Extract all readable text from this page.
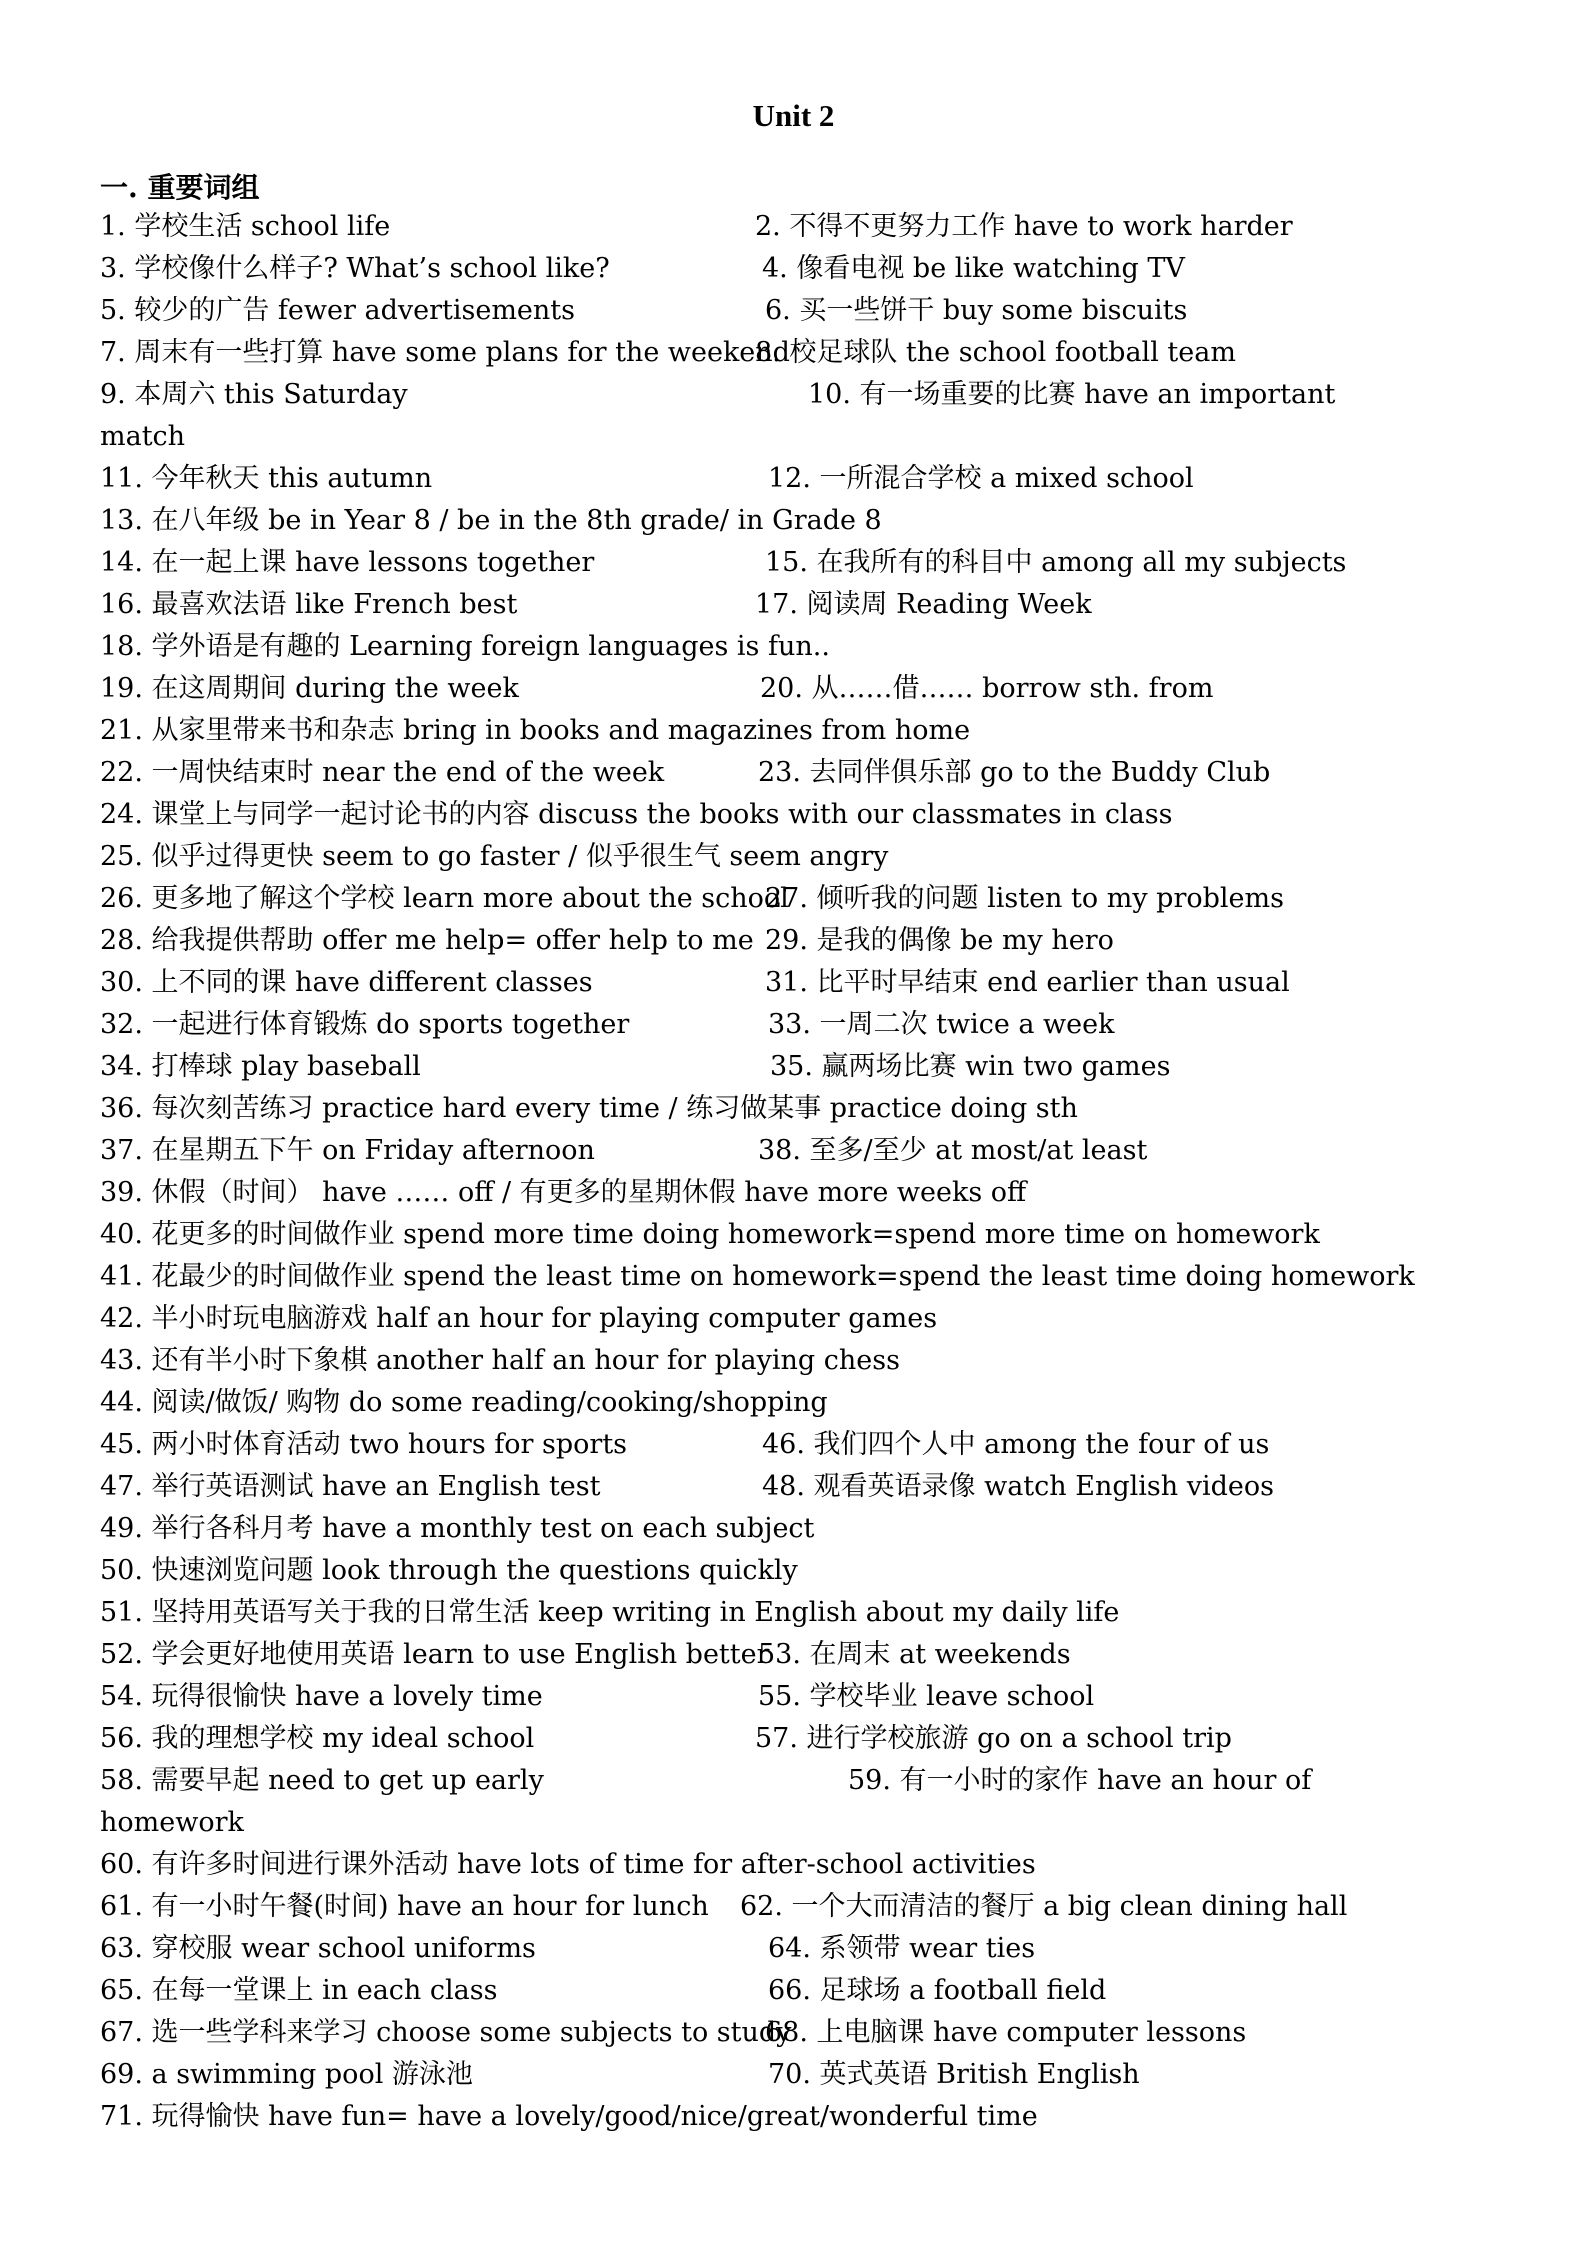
Unit 2
一. 重要词组
1. 学校生活 school life	2. 不得不更努力工作 have to work harder
3. 学校像什么样子? What’s school like?	4. 像看电视 be like watching TV
5. 较少的广告 fewer advertisements	6. 买一些饼干 buy some biscuits
7. 周末有一些打算 have some plans for the weekend
8. 校足球队 the school football team
9. 本周六 this Saturday	10. 有一场重要的比赛 have an important
match
11. 今年秋天 this autumn	12. 一所混合学校 a mixed school
13. 在八年级 be in Year 8 / be in the 8th grade/ in Grade 8
14. 在一起上课 have lessons together	15. 在我所有的科目中 among all my subjects
16. 最喜欢法语 like French best	17. 阅读周 Reading Week
18. 学外语是有趣的 Learning foreign languages is fun..
19. 在这周期间 during the week	20. 从……借…… borrow sth. from
21. 从家里带来书和杂志 bring in books and magazines from home
22. 一周快结束时 near the end of the week	23. 去同伴俱乐部 go to the Buddy Club
24. 课堂上与同学一起讨论书的内容 discuss the books with our classmates in class
25. 似乎过得更快 seem to go faster / 似乎很生气 seem angry
26. 更多地了解这个学校 learn more about the school
27. 倾听我的问题 listen to my problems
28. 给我提供帮助 offer me help= offer help to me 29. 是我的偶像 be my hero
30. 上不同的课 have different classes	31. 比平时早结束 end earlier than usual
32. 一起进行体育锻炼 do sports together	33. 一周二次 twice a week
34. 打棒球 play baseball	35. 赢两场比赛 win two games
36. 每次刻苦练习 practice hard every time / 练习做某事 practice doing sth
37. 在星期五下午 on Friday afternoon	38. 至多/至少 at most/at least
39. 休假（时间） have …… off / 有更多的星期休假 have more weeks off
40. 花更多的时间做作业 spend more time doing homework=spend more time on homework
41. 花最少的时间做作业 spend the least time on homework=spend the least time doing homework
42. 半小时玩电脑游戏 half an hour for playing computer games
43. 还有半小时下象棋 another half an hour for playing chess
44. 阅读/做饭/ 购物 do some reading/cooking/shopping
45. 两小时体育活动 two hours for sports	46. 我们四个人中 among the four of us
47. 举行英语测试 have an English test	48. 观看英语录像 watch English videos
49. 举行各科月考 have a monthly test on each subject
50. 快速浏览问题 look through the questions quickly
51. 坚持用英语写关于我的日常生活 keep writing in English about my daily life
52. 学会更好地使用英语 learn to use English better
53. 在周末 at weekends
54. 玩得很愉快 have a lovely time	55. 学校毕业 leave school
56. 我的理想学校 my ideal school	57. 进行学校旅游 go on a school trip
58. 需要早起 need to get up early	59. 有一小时的家作 have an hour of
homework
60. 有许多时间进行课外活动 have lots of time for after-school activities
61. 有一小时午餐(时间) have an hour for lunch 62. 一个大而清洁的餐厅 a big clean dining hall
63. 穿校服 wear school uniforms	64. 系领带 wear ties
65. 在每一堂课上 in each class	66. 足球场 a football field
67. 选一些学科来学习 choose some subjects to study
68. 上电脑课 have computer lessons
69. a swimming pool 游泳池	70. 英式英语 British English
71. 玩得愉快 have fun= have a lovely/good/nice/great/wonderful time
